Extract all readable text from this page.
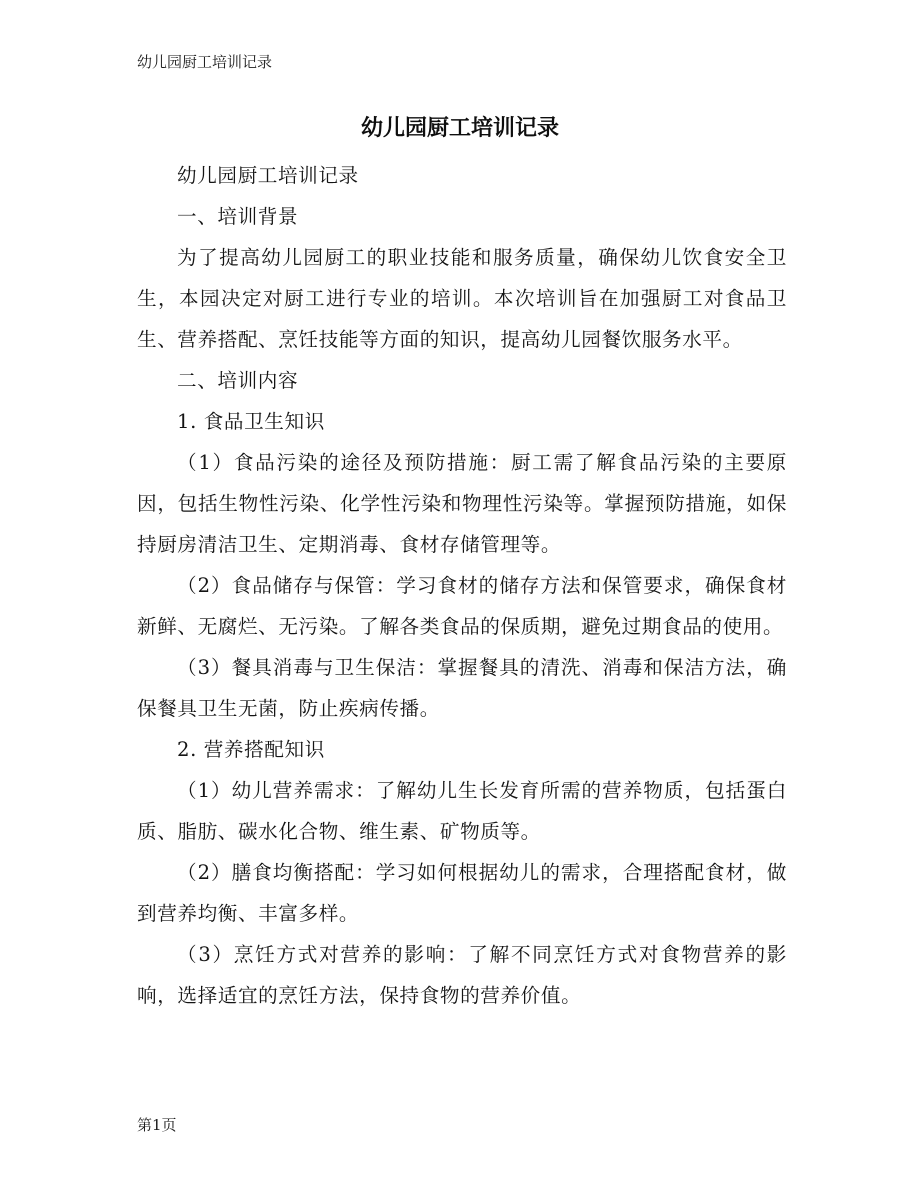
幼儿园厨工培训记录
幼儿园厨工培训记录

幼儿园厨工培训记录

一、培训背景

为了提高幼儿园厨工的职业技能和服务质量，确保幼儿饮食安全卫生，本园决定对厨工进行专业的培训。本次培训旨在加强厨工对食品卫生、营养搭配、烹饪技能等方面的知识，提高幼儿园餐饮服务水平。

二、培训内容

1. 食品卫生知识

（1）食品污染的途径及预防措施：厨工需了解食品污染的主要原因，包括生物性污染、化学性污染和物理性污染等。掌握预防措施，如保持厨房清洁卫生、定期消毒、食材存储管理等。

（2）食品储存与保管：学习食材的储存方法和保管要求，确保食材新鲜、无腐烂、无污染。了解各类食品的保质期，避免过期食品的使用。

（3）餐具消毒与卫生保洁：掌握餐具的清洗、消毒和保洁方法，确保餐具卫生无菌，防止疾病传播。

2. 营养搭配知识

（1）幼儿营养需求：了解幼儿生长发育所需的营养物质，包括蛋白质、脂肪、碳水化合物、维生素、矿物质等。

（2）膳食均衡搭配：学习如何根据幼儿的需求，合理搭配食材，做到营养均衡、丰富多样。

（3）烹饪方式对营养的影响：了解不同烹饪方式对食物营养的影响，选择适宜的烹饪方法，保持食物的营养价值。

第1页
